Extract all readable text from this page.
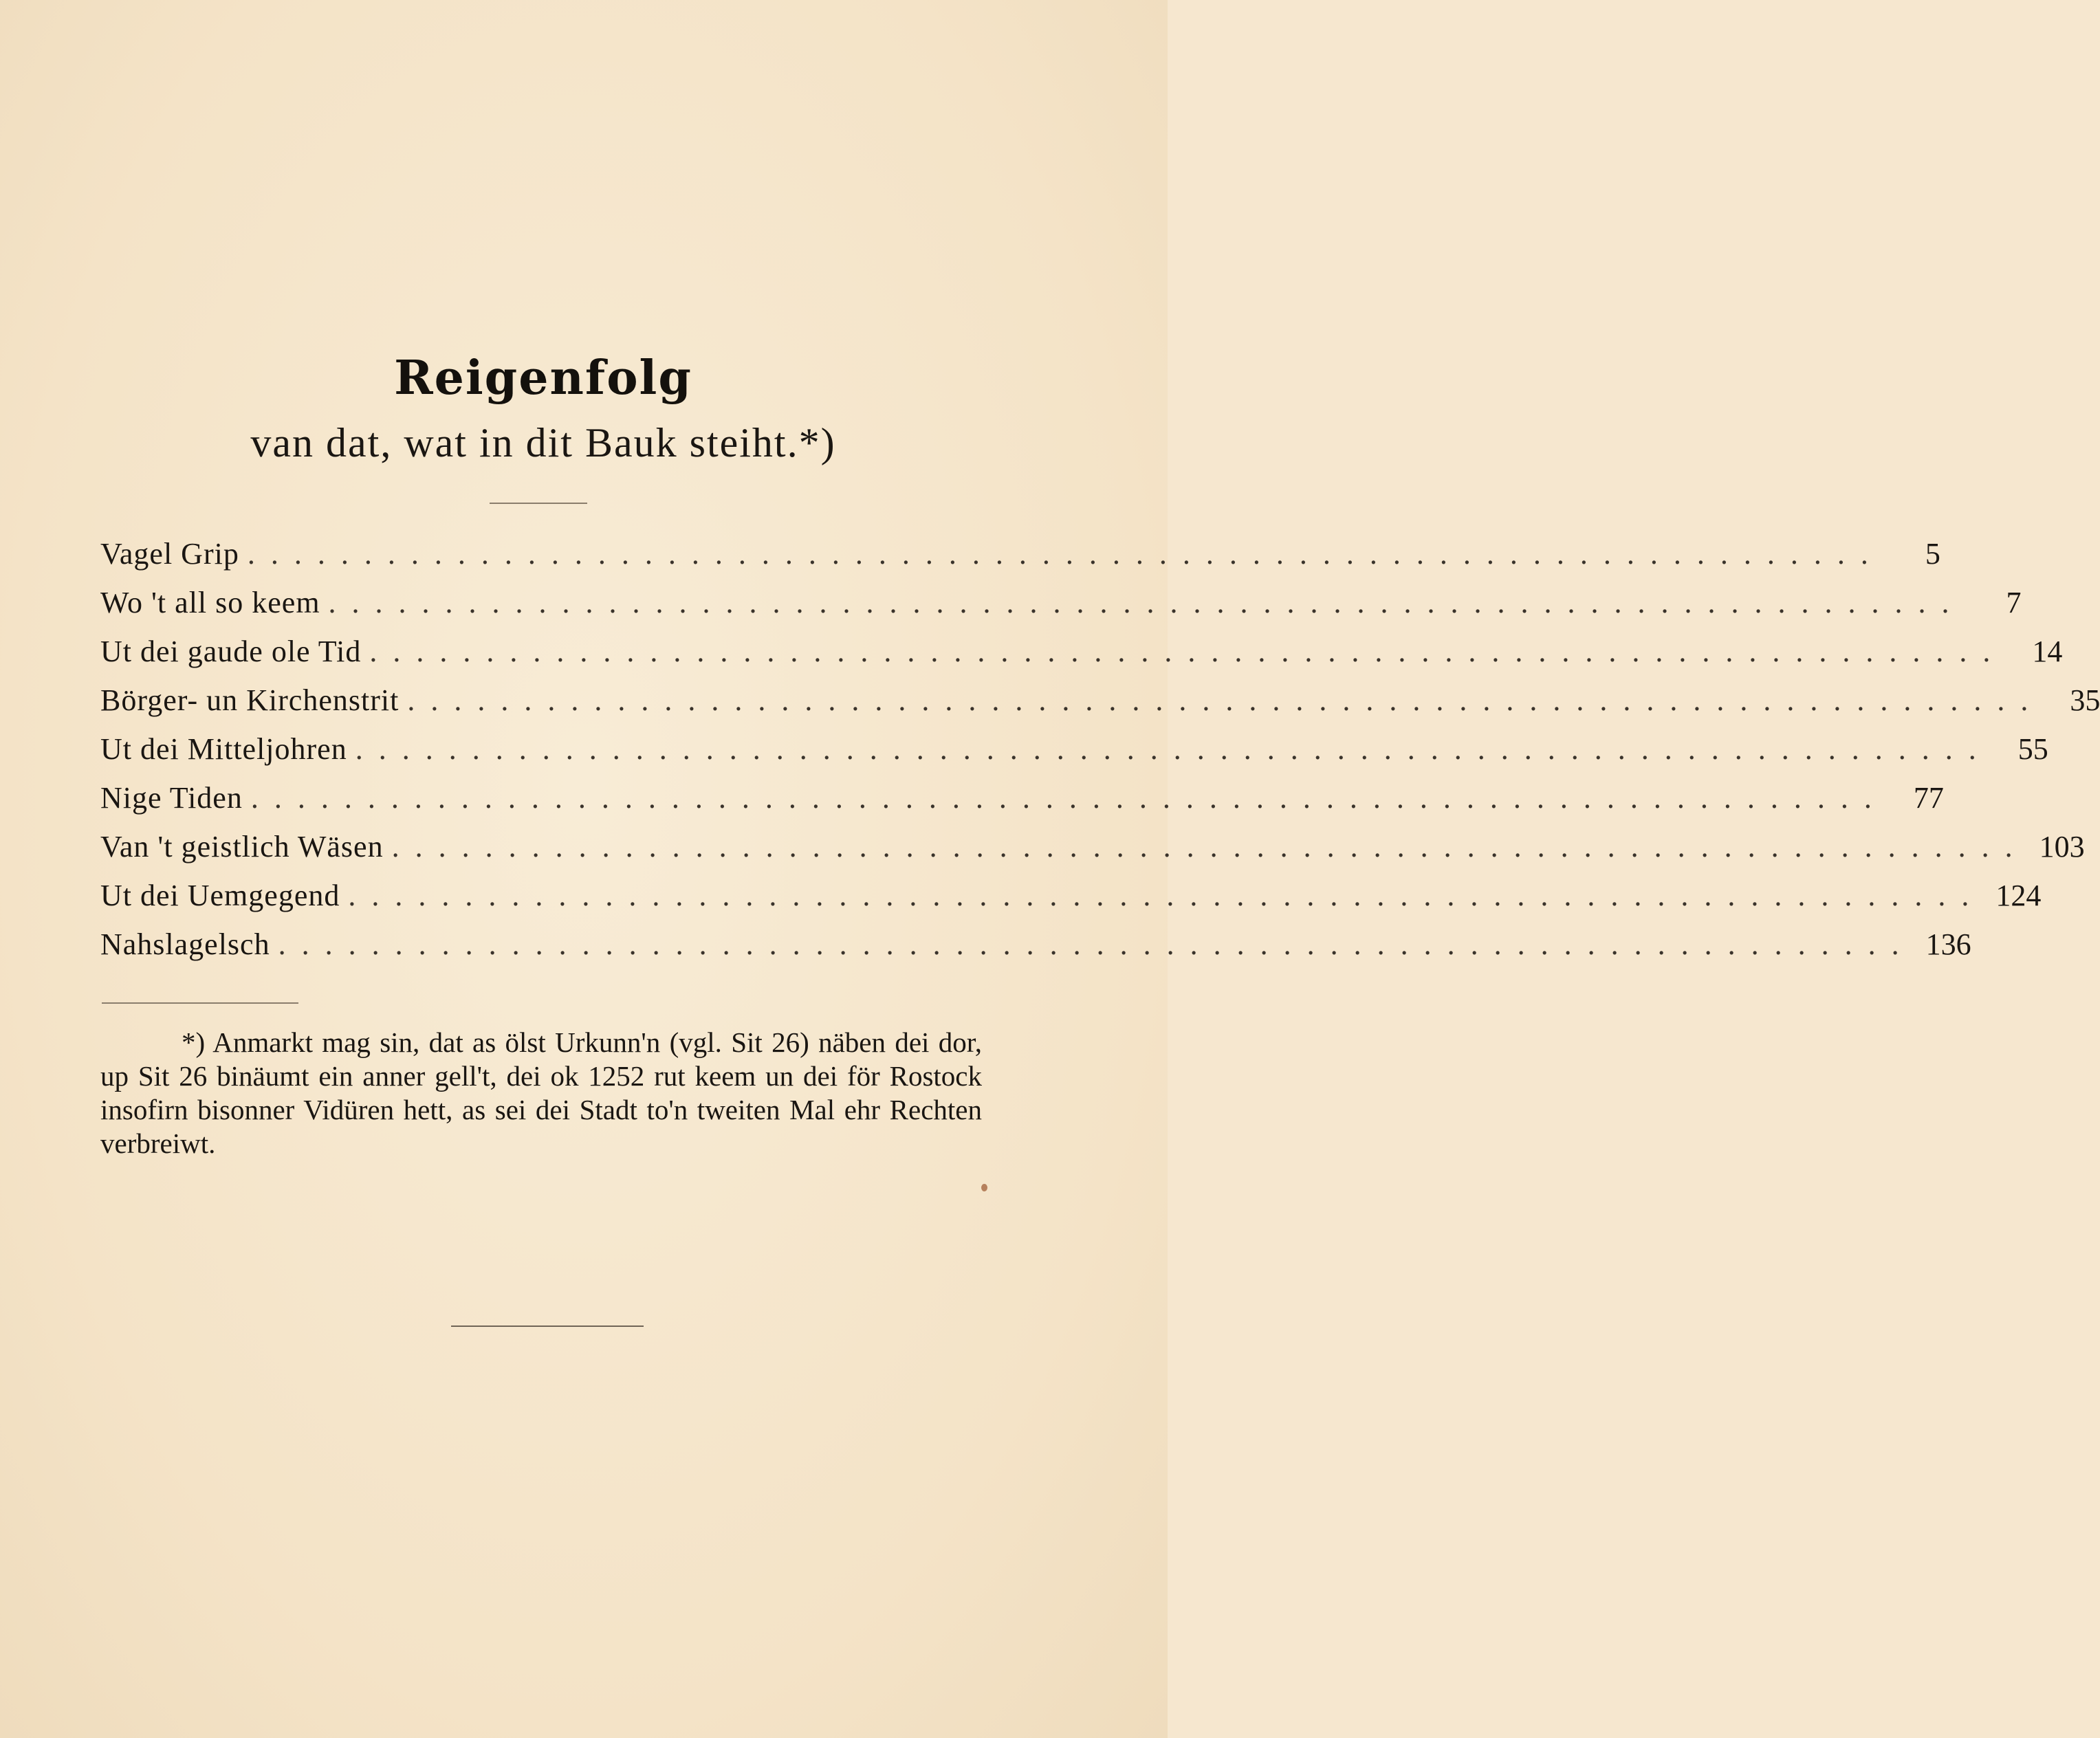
Reigenfolg
van dat, wat in dit Bauk steiht.*)
Vagel Grip ......................................................................	5
Wo 't all so keem ......................................................................	7
Ut dei gaude ole Tid ...................................................................... 14
Börger- un Kirchenstrit ...................................................................... 35
Ut dei Mitteljohren ...................................................................... 55
Nige Tiden ...................................................................... 77
Van 't geistlich Wäsen ...................................................................... 103
Ut dei Uemgegend ...................................................................... 124
Nahslagelsch ...................................................................... 136

*) Anmarkt mag sin, dat as ölst Urkunn'n (vgl. Sit 26) näben dei dor, up Sit 26 binäumt ein anner gell't, dei ok 1252 rut keem un dei för Rostock insofirn bisonner Vidüren hett, as sei dei Stadt to'n tweiten Mal ehr Rechten verbreiwt.
